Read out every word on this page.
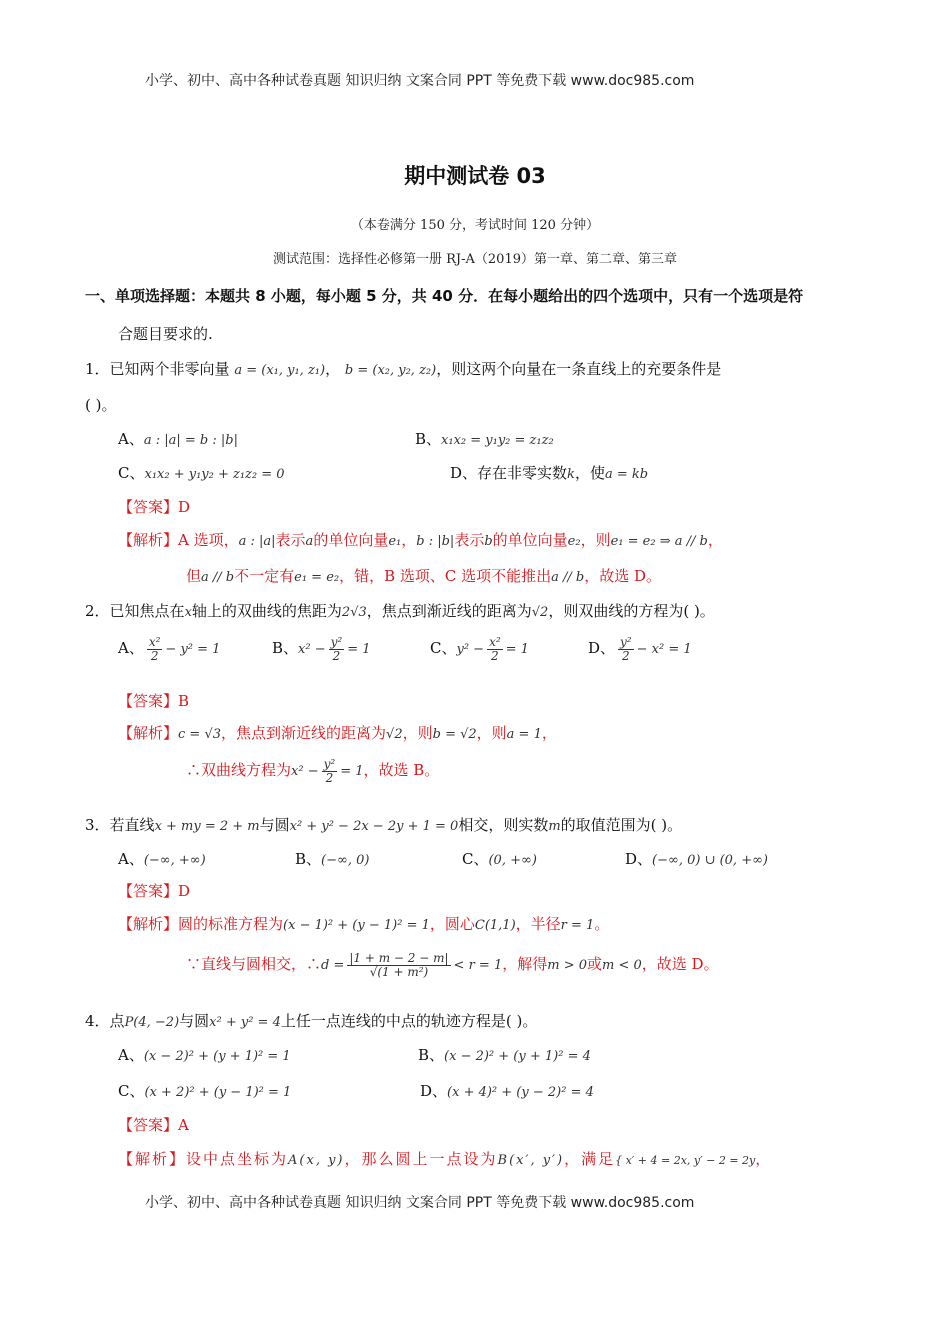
小学、初中、高中各种试卷真题 知识归纳 文案合同 PPT 等免费下载 www.doc985.com
小学、初中、高中各种试卷真题 知识归纳 文案合同 PPT 等免费下载 www.doc985.com
期中测试卷 03
（本卷满分 150 分，考试时间 120 分钟）
测试范围：选择性必修第一册 RJ-A（2019）第一章、第二章、第三章
一、单项选择题：本题共 8 小题，每小题 5 分，共 40 分．在每小题给出的四个选项中，只有一个选项是符
合题目要求的.
1．已知两个非零向量 a = (x₁, y₁, z₁)， b = (x₂, y₂, z₂)，则这两个向量在一条直线上的充要条件是
( )。
A、a : |a| = b : |b|	B、x₁x₂ = y₁y₂ = z₁z₂
C、x₁x₂ + y₁y₂ + z₁z₂ = 0	D、存在非零实数k，使a = kb
【答案】D
【解析】A 选项，a : |a|表示a的单位向量e₁，b : |b|表示b的单位向量e₂，则e₁ = e₂ ⇒ a // b，
但a // b不一定有e₁ = e₂，错，B 选项、C 选项不能推出a // b，故选 D。
2．已知焦点在x轴上的双曲线的焦距为2√3，焦点到渐近线的距离为√2，则双曲线的方程为( )。
A、 $\frac{\text{x²}}{2} - y^2 = 1$	B、$x^2 - \frac{\text{y²}}{2} = 1$	C、$y^2 - \frac{\text{x²}}{2} = 1$	D、 $\frac{\text{y²}}{2} - x^2 = 1$
【答案】B
【解析】c = √3，焦点到渐近线的距离为√2，则b = √2，则a = 1，
∴双曲线方程为$x^2 - \frac{\text{y²}}{2} = 1$，故选 B。
3．若直线x + my = 2 + m与圆x² + y² − 2x − 2y + 1 = 0相交，则实数m的取值范围为( )。
A、(−∞, +∞)	B、(−∞, 0)	C、(0, +∞)	D、(−∞, 0) ∪ (0, +∞)
【答案】D
【解析】圆的标准方程为(x − 1)² + (y − 1)² = 1，圆心C(1,1)，半径r = 1。
∵直线与圆相交，∴d = $\frac{|1 + m - 2 - m|}{\text{√(1 + m²)}} < r = 1$，解得m > 0或m < 0，故选 D。
4．点P(4, −2)与圆x² + y² = 4上任一点连线的中点的轨迹方程是( )。
A、(x − 2)² + (y + 1)² = 1	B、(x − 2)² + (y + 1)² = 4
C、(x + 2)² + (y − 1)² = 1	D、(x + 4)² + (y − 2)² = 4
【答案】A
【解析】设中点坐标为A(x, y)，那么圆上一点设为B(x′, y′)，满足{ x′ + 4 = 2x, y′ − 2 = 2y，
